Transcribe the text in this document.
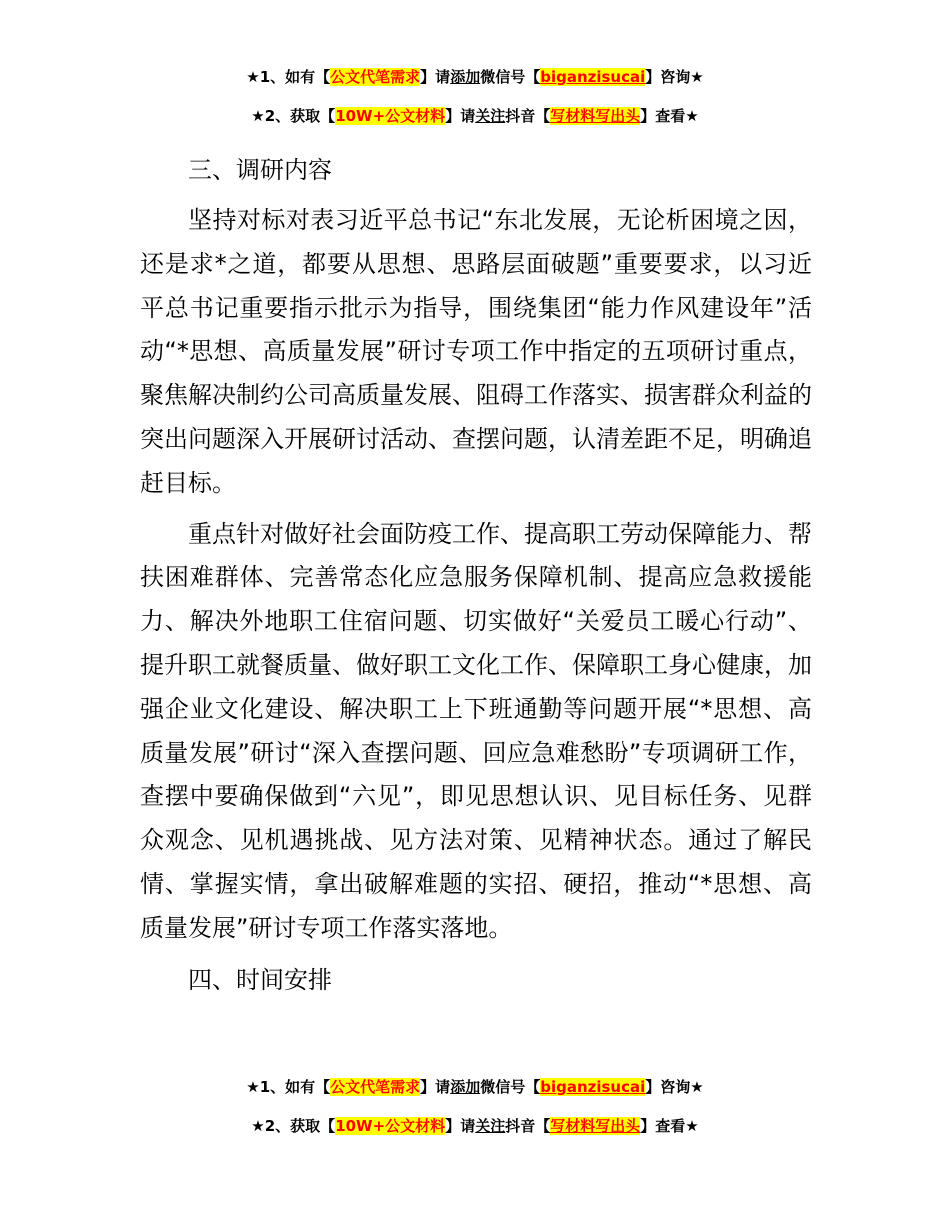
★1、如有【公文代笔需求】请添加微信号【biganzisucai】咨询★
★2、获取【10W+公文材料】请关注抖音【写材料写出头】查看★

三、调研内容

坚持对标对表习近平总书记“东北发展，无论析困境之因，还是求*之道，都要从思想、思路层面破题”重要要求，以习近平总书记重要指示批示为指导，围绕集团“能力作风建设年”活动“*思想、高质量发展”研讨专项工作中指定的五项研讨重点，聚焦解决制约公司高质量发展、阻碍工作落实、损害群众利益的突出问题深入开展研讨活动、查摆问题，认清差距不足，明确追赶目标。

重点针对做好社会面防疫工作、提高职工劳动保障能力、帮扶困难群体、完善常态化应急服务保障机制、提高应急救援能力、解决外地职工住宿问题、切实做好“关爱员工暖心行动”、提升职工就餐质量、做好职工文化工作、保障职工身心健康，加强企业文化建设、解决职工上下班通勤等问题开展“*思想、高质量发展”研讨“深入查摆问题、回应急难愁盼”专项调研工作，查摆中要确保做到“六见”，即见思想认识、见目标任务、见群众观念、见机遇挑战、见方法对策、见精神状态。通过了解民情、掌握实情，拿出破解难题的实招、硬招，推动“*思想、高质量发展”研讨专项工作落实落地。

四、时间安排

★1、如有【公文代笔需求】请添加微信号【biganzisucai】咨询★
★2、获取【10W+公文材料】请关注抖音【写材料写出头】查看★
